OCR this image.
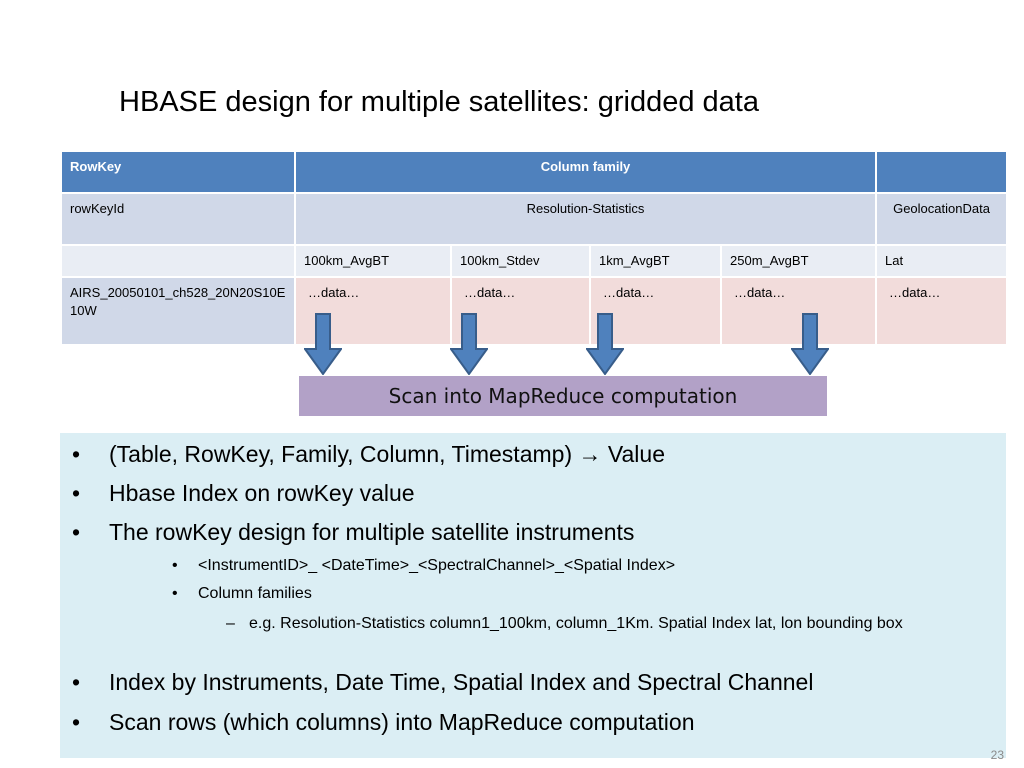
HBASE design for multiple satellites: gridded data
RowKey	Column family				
rowKeyId	Resolution-Statistics				GeolocationData
	100km_AvgBT	100km_Stdev	1km_AvgBT	250m_AvgBT	Lat
AIRS_20050101_ch528_20N20S10E10W	…data…	…data…	…data…	…data…	…data…
Scan into MapReduce computation
•	(Table, RowKey, Family, Column, Timestamp) → Value
•	Hbase Index on rowKey value
•	The rowKey design for multiple satellite instruments
•	<InstrumentID>_ <DateTime>_<SpectralChannel>_<Spatial Index>
•	Column families
– e.g. Resolution-Statistics column1_100km, column_1Km. Spatial Index lat, lon bounding box
•	Index by Instruments, Date Time, Spatial Index and Spectral Channel
•	Scan rows (which columns) into MapReduce computation
23
